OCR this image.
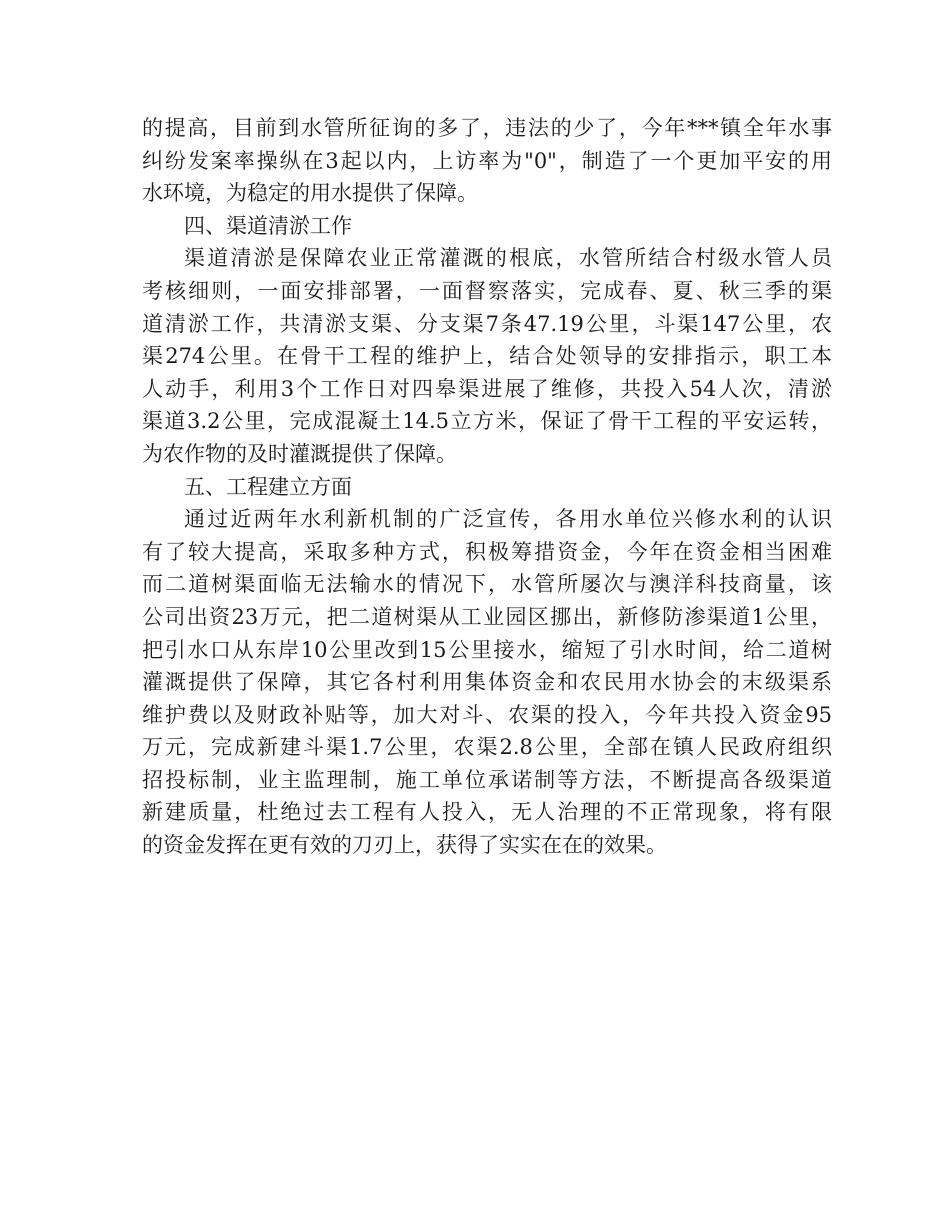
的提高，目前到水管所征询的多了，违法的少了，今年***镇全年水事
纠纷发案率操纵在3起以内，上访率为"0"，制造了一个更加平安的用
水环境，为稳定的用水提供了保障。
四、渠道清淤工作
渠道清淤是保障农业正常灌溉的根底，水管所结合村级水管人员
考核细则，一面安排部署，一面督察落实，完成春、夏、秋三季的渠
道清淤工作，共清淤支渠、分支渠7条47.19公里，斗渠147公里，农
渠274公里。在骨干工程的维护上，结合处领导的安排指示，职工本
人动手，利用3个工作日对四皋渠进展了维修，共投入54人次，清淤
渠道3.2公里，完成混凝土14.5立方米，保证了骨干工程的平安运转，
为农作物的及时灌溉提供了保障。
五、工程建立方面
通过近两年水利新机制的广泛宣传，各用水单位兴修水利的认识
有了较大提高，采取多种方式，积极筹措资金，今年在资金相当困难
而二道树渠面临无法输水的情况下，水管所屡次与澳洋科技商量，该
公司出资23万元，把二道树渠从工业园区挪出，新修防渗渠道1公里，
把引水口从东岸10公里改到15公里接水，缩短了引水时间，给二道树
灌溉提供了保障，其它各村利用集体资金和农民用水协会的末级渠系
维护费以及财政补贴等，加大对斗、农渠的投入，今年共投入资金95
万元，完成新建斗渠1.7公里，农渠2.8公里，全部在镇人民政府组织
招投标制，业主监理制，施工单位承诺制等方法，不断提高各级渠道
新建质量，杜绝过去工程有人投入，无人治理的不正常现象，将有限
的资金发挥在更有效的刀刃上，获得了实实在在的效果。
